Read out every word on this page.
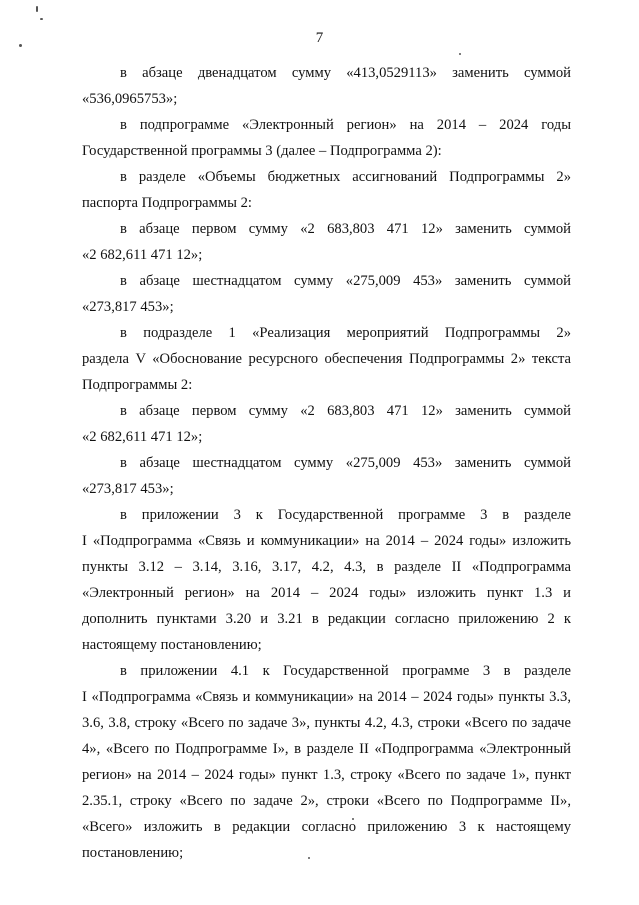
7
в абзаце двенадцатом сумму «413,0529113» заменить суммой
«536,0965753»;
в подпрограмме «Электронный регион» на 2014 – 2024 годы
Государственной программы 3 (далее – Подпрограмма 2):
в разделе «Объемы бюджетных ассигнований Подпрограммы 2»
паспорта Подпрограммы 2:
в абзаце первом сумму «2 683,803 471 12» заменить суммой
«2 682,611 471 12»;
в абзаце шестнадцатом сумму «275,009 453» заменить суммой
«273,817 453»;
в подразделе 1 «Реализация мероприятий Подпрограммы 2»
раздела V «Обоснование ресурсного обеспечения Подпрограммы 2» текста
Подпрограммы 2:
в абзаце первом сумму «2 683,803 471 12» заменить суммой
«2 682,611 471 12»;
в абзаце шестнадцатом сумму «275,009 453» заменить суммой
«273,817 453»;
в приложении 3 к Государственной программе 3 в разделе
I «Подпрограмма «Связь и коммуникации» на 2014 – 2024 годы» изложить
пункты 3.12 – 3.14, 3.16, 3.17, 4.2, 4.3, в разделе II «Подпрограмма
«Электронный регион» на 2014 – 2024 годы» изложить пункт 1.3 и
дополнить пунктами 3.20 и 3.21 в редакции согласно приложению 2 к
настоящему постановлению;
в приложении 4.1 к Государственной программе 3 в разделе
I «Подпрограмма «Связь и коммуникации» на 2014 – 2024 годы» пункты 3.3,
3.6, 3.8, строку «Всего по задаче 3», пункты 4.2, 4.3, строки «Всего по задаче
4», «Всего по Подпрограмме I», в разделе II «Подпрограмма «Электронный
регион» на 2014 – 2024 годы» пункт 1.3, строку «Всего по задаче 1», пункт
2.35.1, строку «Всего по задаче 2», строки «Всего по Подпрограмме II»,
«Всего» изложить в редакции согласно приложению 3 к настоящему
постановлению;
